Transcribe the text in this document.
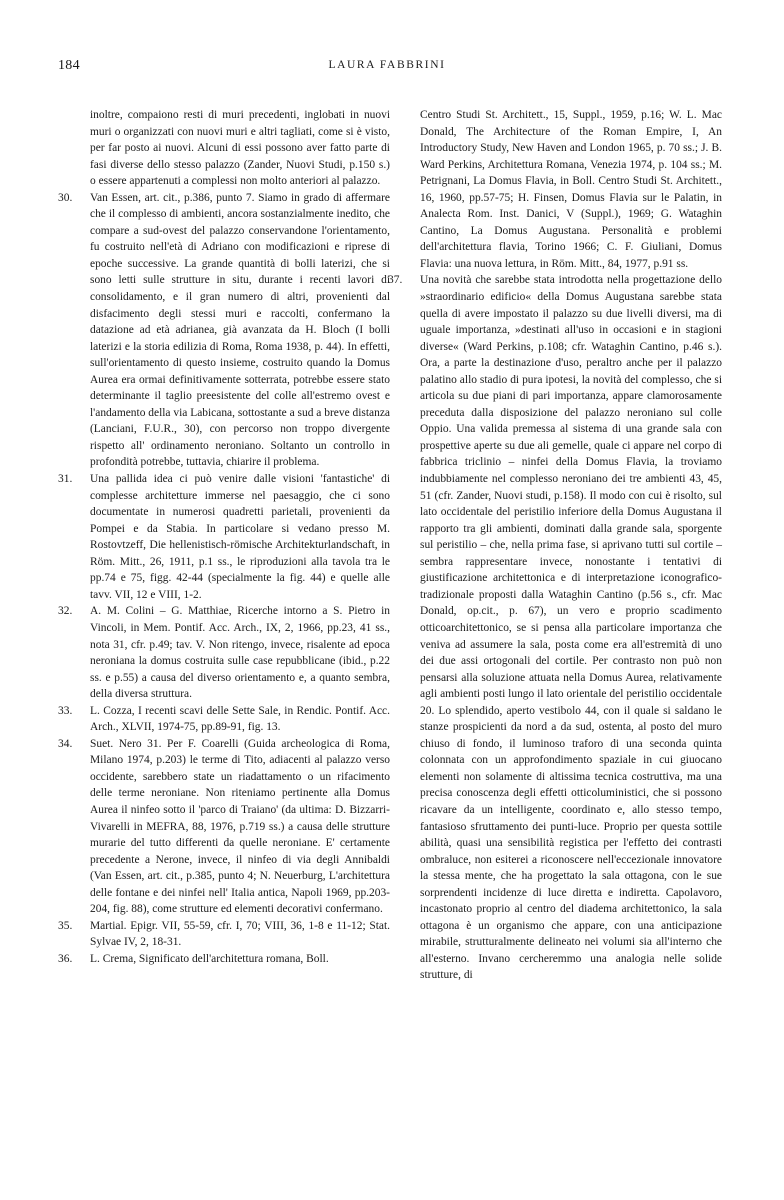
184	LAURA FABBRINI

inoltre, compaiono resti di muri precedenti, inglobati in nuovi muri o organizzati con nuovi muri e altri tagliati, come si è visto, per far posto ai nuovi. Alcuni di essi possono aver fatto parte di fasi diverse dello stesso palazzo (Zander, Nuovi Studi, p.150 s.) o essere appartenuti a complessi non molto anteriori al palazzo.

30. Van Essen, art. cit., p.386, punto 7. Siamo in grado di affermare che il complesso di ambienti, ancora sostanzialmente inedito, che compare a sud-ovest del palazzo conservandone l'orientamento, fu costruito nell'età di Adriano con modificazioni e riprese di epoche successive. La grande quantità di bolli laterizi, che si sono letti sulle strutture in situ, durante i recenti lavori di consolidamento, e il gran numero di altri, provenienti dal disfacimento degli stessi muri e raccolti, confermano la datazione ad età adrianea, già avanzata da H. Bloch (I bolli laterizi e la storia edilizia di Roma, Roma 1938, p. 44). In effetti, sull'orientamento di questo insieme, costruito quando la Domus Aurea era ormai definitivamente sotterrata, potrebbe essere stato determinante il taglio preesistente del colle all'estremo ovest e l'andamento della via Labicana, sottostante a sud a breve distanza (Lanciani, F.U.R., 30), con percorso non troppo divergente rispetto all' ordinamento neroniano. Soltanto un controllo in profondità potrebbe, tuttavia, chiarire il problema.

31. Una pallida idea ci può venire dalle visioni 'fantastiche' di complesse architetture immerse nel paesaggio, che ci sono documentate in numerosi quadretti parietali, provenienti da Pompei e da Stabia. In particolare si vedano presso M. Rostovtzeff, Die hellenistisch-römische Architekturlandschaft, in Röm. Mitt., 26, 1911, p.1 ss., le riproduzioni alla tavola tra le pp.74 e 75, figg. 42-44 (specialmente la fig. 44) e quelle alle tavv. VII, 12 e VIII, 1-2.

32. A. M. Colini – G. Matthiae, Ricerche intorno a S. Pietro in Vincoli, in Mem. Pontif. Acc. Arch., IX, 2, 1966, pp.23, 41 ss., nota 31, cfr. p.49; tav. V. Non ritengo, invece, risalente ad epoca neroniana la domus costruita sulle case repubblicane (ibid., p.22 ss. e p.55) a causa del diverso orientamento e, a quanto sembra, della diversa struttura.

33. L. Cozza, I recenti scavi delle Sette Sale, in Rendic. Pontif. Acc. Arch., XLVII, 1974-75, pp.89-91, fig. 13.

34. Suet. Nero 31. Per F. Coarelli (Guida archeologica di Roma, Milano 1974, p.203) le terme di Tito, adiacenti al palazzo verso occidente, sarebbero state un riadattamento o un rifacimento delle terme neroniane. Non riteniamo pertinente alla Domus Aurea il ninfeo sotto il 'parco di Traiano' (da ultima: D. Bizzarri-Vivarelli in MEFRA, 88, 1976, p.719 ss.) a causa delle strutture murarie del tutto differenti da quelle neroniane. E' certamente precedente a Nerone, invece, il ninfeo di via degli Annibaldi (Van Essen, art. cit., p.385, punto 4; N. Neuerburg, L'architettura delle fontane e dei ninfei nell' Italia antica, Napoli 1969, pp.203-204, fig. 88), come strutture ed elementi decorativi confermano.

35. Martial. Epigr. VII, 55-59, cfr. I, 70; VIII, 36, 1-8 e 11-12; Stat. Sylvae IV, 2, 18-31.

36. L. Crema, Significato dell'architettura romana, Boll.

Centro Studi St. Architett., 15, Suppl., 1959, p.16; W. L. Mac Donald, The Architecture of the Roman Empire, I, An Introductory Study, New Haven and London 1965, p. 70 ss.; J. B. Ward Perkins, Architettura Romana, Venezia 1974, p. 104 ss.; M. Petrignani, La Domus Flavia, in Boll. Centro Studi St. Architett., 16, 1960, pp.57-75; H. Finsen, Domus Flavia sur le Palatin, in Analecta Rom. Inst. Danici, V (Suppl.), 1969; G. Wataghin Cantino, La Domus Augustana. Personalità e problemi dell'architettura flavia, Torino 1966; C. F. Giuliani, Domus Flavia: una nuova lettura, in Röm. Mitt., 84, 1977, p.91 ss.

37. Una novità che sarebbe stata introdotta nella progettazione dello »straordinario edificio« della Domus Augustana sarebbe stata quella di avere impostato il palazzo su due livelli diversi, ma di uguale importanza, »destinati all'uso in occasioni e in stagioni diverse« (Ward Perkins, p.108; cfr. Wataghin Cantino, p.46 s.). Ora, a parte la destinazione d'uso, peraltro anche per il palazzo palatino allo stadio di pura ipotesi, la novità del complesso, che si articola su due piani di pari importanza, appare clamorosamente preceduta dalla disposizione del palazzo neroniano sul colle Oppio. Una valida premessa al sistema di una grande sala con prospettive aperte su due ali gemelle, quale ci appare nel corpo di fabbrica triclinio – ninfei della Domus Flavia, la troviamo indubbiamente nel complesso neroniano dei tre ambienti 43, 45, 51 (cfr. Zander, Nuovi studi, p.158). Il modo con cui è risolto, sul lato occidentale del peristilio inferiore della Domus Augustana il rapporto tra gli ambienti, dominati dalla grande sala, sporgente sul peristilio – che, nella prima fase, si aprivano tutti sul cortile – sembra rappresentare invece, nonostante i tentativi di giustificazione architettonica e di interpretazione iconografico-tradizionale proposti dalla Wataghin Cantino (p.56 s., cfr. Mac Donald, op.cit., p. 67), un vero e proprio scadimento otticoarchitettonico, se si pensa alla particolare importanza che veniva ad assumere la sala, posta come era all'estremità di uno dei due assi ortogonali del cortile. Per contrasto non può non pensarsi alla soluzione attuata nella Domus Aurea, relativamente agli ambienti posti lungo il lato orientale del peristilio occidentale 20. Lo splendido, aperto vestibolo 44, con il quale si saldano le stanze prospicienti da nord a da sud, ostenta, al posto del muro chiuso di fondo, il luminoso traforo di una seconda quinta colonnata con un approfondimento spaziale in cui giuocano elementi non solamente di altissima tecnica costruttiva, ma una precisa conoscenza degli effetti otticoluministici, che si possono ricavare da un intelligente, coordinato e, allo stesso tempo, fantasioso sfruttamento dei punti-luce. Proprio per questa sottile abilità, quasi una sensibilità registica per l'effetto dei contrasti ombraluce, non esiterei a riconoscere nell'eccezionale innovatore la stessa mente, che ha progettato la sala ottagona, con le sue sorprendenti incidenze di luce diretta e indiretta. Capolavoro, incastonato proprio al centro del diadema architettonico, la sala ottagona è un organismo che appare, con una anticipazione mirabile, strutturalmente delineato nei volumi sia all'interno che all'esterno. Invano cercheremmo una analogia nelle solide strutture, di
